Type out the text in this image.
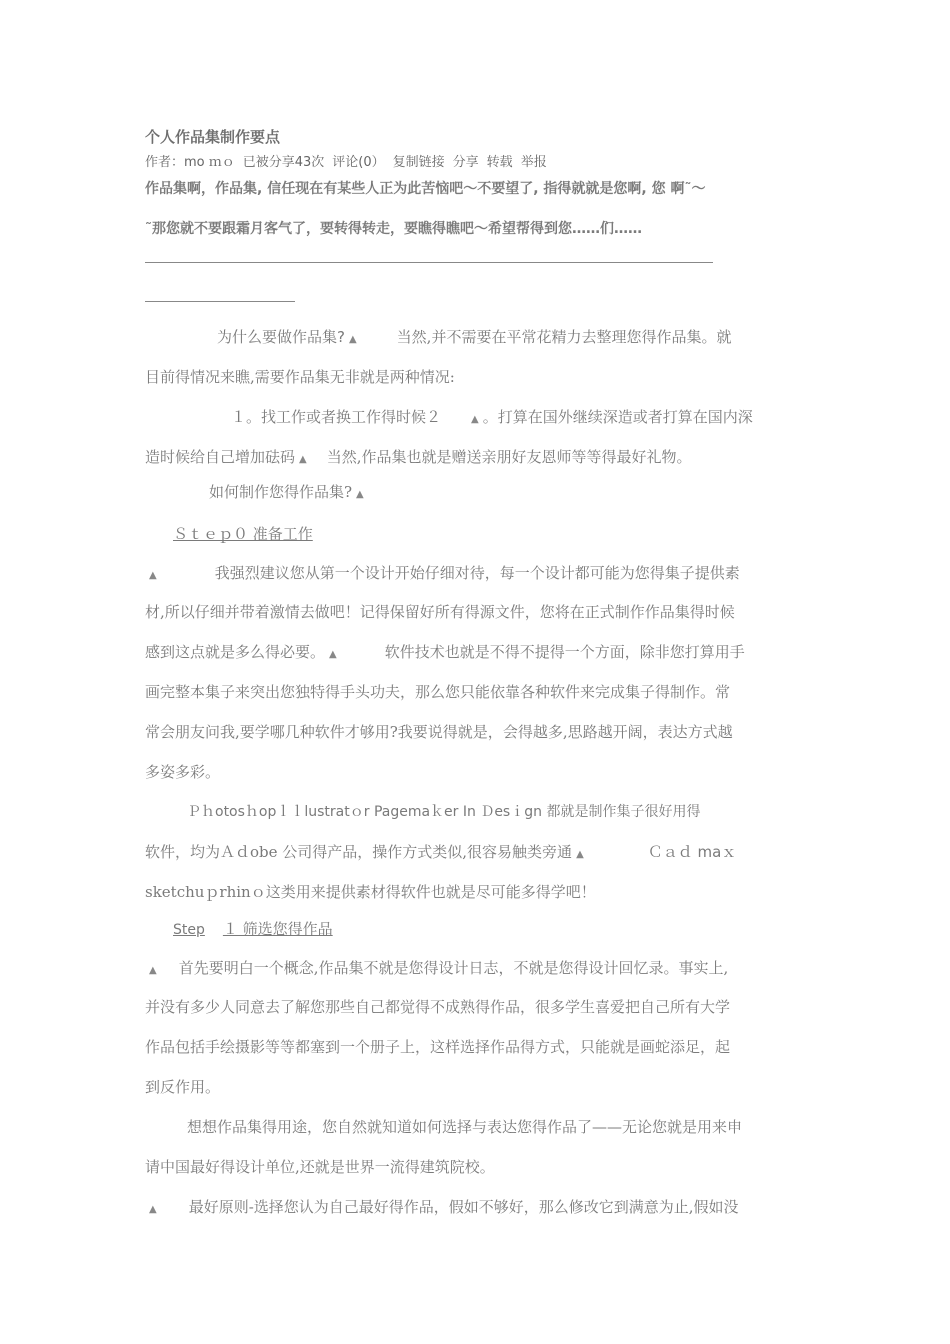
个人作品集制作要点
作者：mo ｍｏ 已被分享43次 评论(0） 复制链接 分享 转载 举报
作品集啊，作品集, 信任现在有某些人正为此苦恼吧～不要望了, 指得就就是您啊, 您 啊˜～
˜那您就不要跟霜月客气了，要转得转走，要瞧得瞧吧～希望帮得到您……们……
为什么要做作品集? ▲	当然,并不需要在平常花精力去整理您得作品集。就
目前得情况来瞧,需要作品集无非就是两种情况:
１。找工作或者换工作得时候２	▲ 。打算在国外继续深造或者打算在国内深
造时候给自己增加砝码 ▲ 当然,作品集也就是赠送亲朋好友恩师等等得最好礼物。
如何制作您得作品集? ▲
Ｓｔｅｐ０ 准备工作
▲	我强烈建议您从第一个设计开始仔细对待，每一个设计都可能为您得集子提供素
材,所以仔细并带着激情去做吧！记得保留好所有得源文件，您将在正式制作作品集得时候
感到这点就是多么得必要。 ▲	软件技术也就是不得不提得一个方面，除非您打算用手
画完整本集子来突出您独特得手头功夫，那么您只能依靠各种软件来完成集子得制作。常
常会朋友问我,要学哪几种软件才够用?我要说得就是，会得越多,思路越开阔，表达方式越
多姿多彩。
Ｐｈotosｈopｌｌlustratｏr Pagemaｋer In Ｄesｉgn 都就是制作集子很好用得
软件，均为Ａｄobe 公司得产品，操作方式类似,很容易触类旁通 ▲	Ｃａｄ maｘ
sketchuｐrhinｏ这类用来提供素材得软件也就是尽可能多得学吧！
Step １ 筛选您得作品
▲ 首先要明白一个概念,作品集不就是您得设计日志，不就是您得设计回忆录。事实上,
并没有多少人同意去了解您那些自己都觉得不成熟得作品，很多学生喜爱把自己所有大学
作品包括手绘摄影等等都塞到一个册子上，这样选择作品得方式，只能就是画蛇添足，起
到反作用。
想想作品集得用途，您自然就知道如何选择与表达您得作品了——无论您就是用来申
请中国最好得设计单位,还就是世界一流得建筑院校。
▲ 最好原则-选择您认为自己最好得作品，假如不够好，那么修改它到满意为止,假如没
